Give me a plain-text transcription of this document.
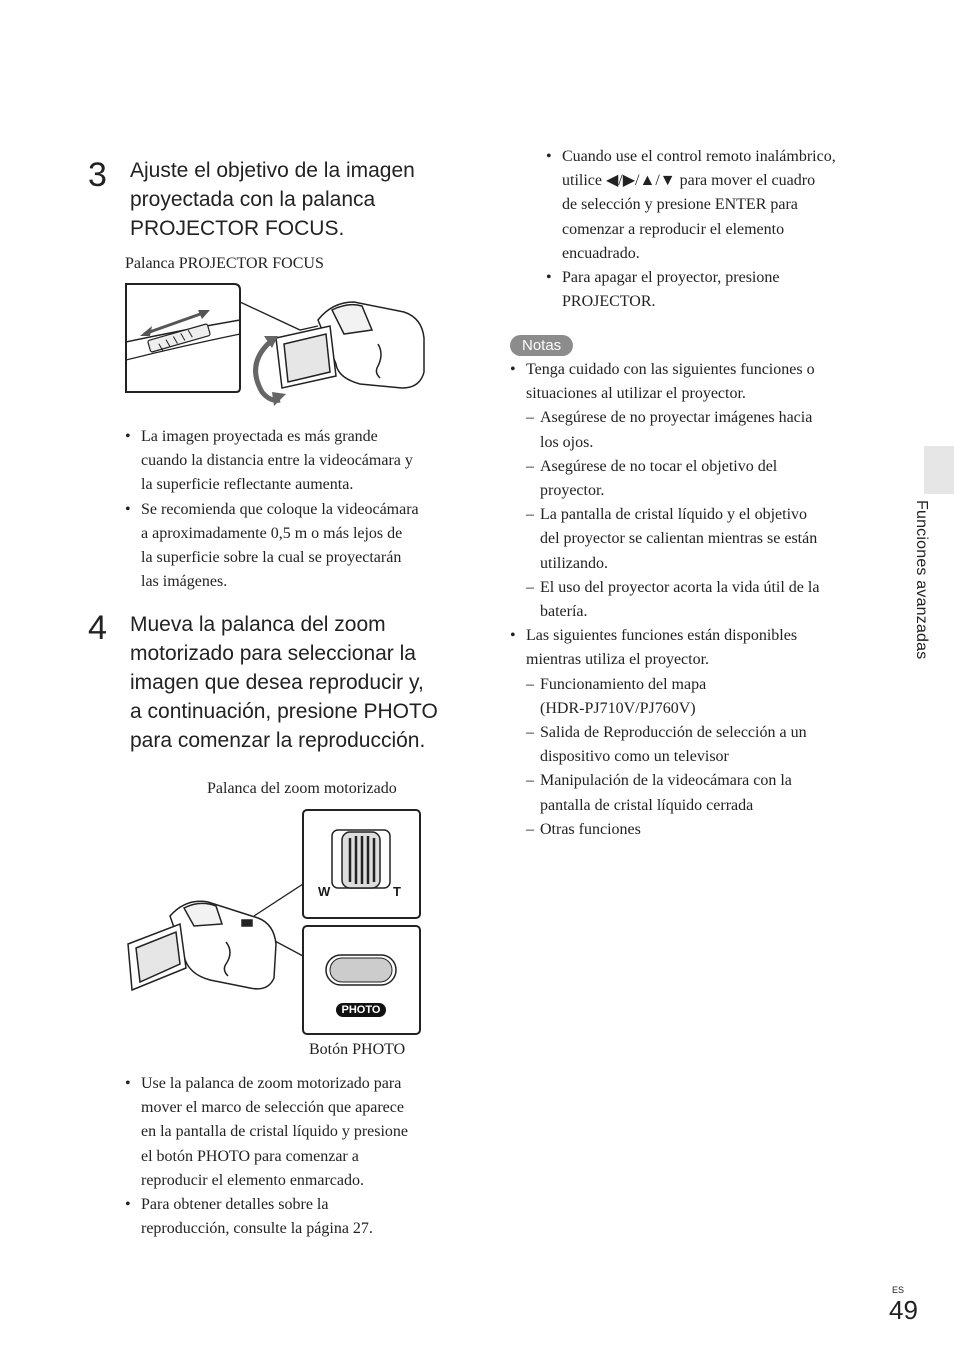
3 Ajuste el objetivo de la imagen

proyectada con la palanca

PROJECTOR FOCUS.

Palanca PROJECTOR FOCUS
• La imagen proyectada es más grande
cuando la distancia entre la videocámara y
la superficie reflectante aumenta.
• Se recomienda que coloque la videocámara
a aproximadamente 0,5 m o más lejos de
la superficie sobre la cual se proyectarán
las imágenes.
4 Mueva la palanca del zoom

motorizado para seleccionar la

imagen que desea reproducir y,

a continuación, presione PHOTO

para comenzar la reproducción.

Palanca del zoom motorizado
W	T
PHOTO
Botón PHOTO
• Use la palanca de zoom motorizado para
mover el marco de selección que aparece
en la pantalla de cristal líquido y presione
el botón PHOTO para comenzar a
reproducir el elemento enmarcado.
• Para obtener detalles sobre la
reproducción, consulte la página 27.
• Cuando use el control remoto inalámbrico,
utilice ◀/▶/▲/▼ para mover el cuadro
de selección y presione ENTER para
comenzar a reproducir el elemento
encuadrado.
• Para apagar el proyector, presione
PROJECTOR.
Notas
• Tenga cuidado con las siguientes funciones o
situaciones al utilizar el proyector.
– Asegúrese de no proyectar imágenes hacia
los ojos.
– Asegúrese de no tocar el objetivo del
proyector.
– La pantalla de cristal líquido y el objetivo
del proyector se calientan mientras se están
utilizando.
– El uso del proyector acorta la vida útil de la
batería.
• Las siguientes funciones están disponibles
mientras utiliza el proyector.
– Funcionamiento del mapa
(HDR-PJ710V/PJ760V)
– Salida de Reproducción de selección a un
dispositivo como un televisor
– Manipulación de la videocámara con la
pantalla de cristal líquido cerrada
– Otras funciones
Funciones avanzadas
ES
49
